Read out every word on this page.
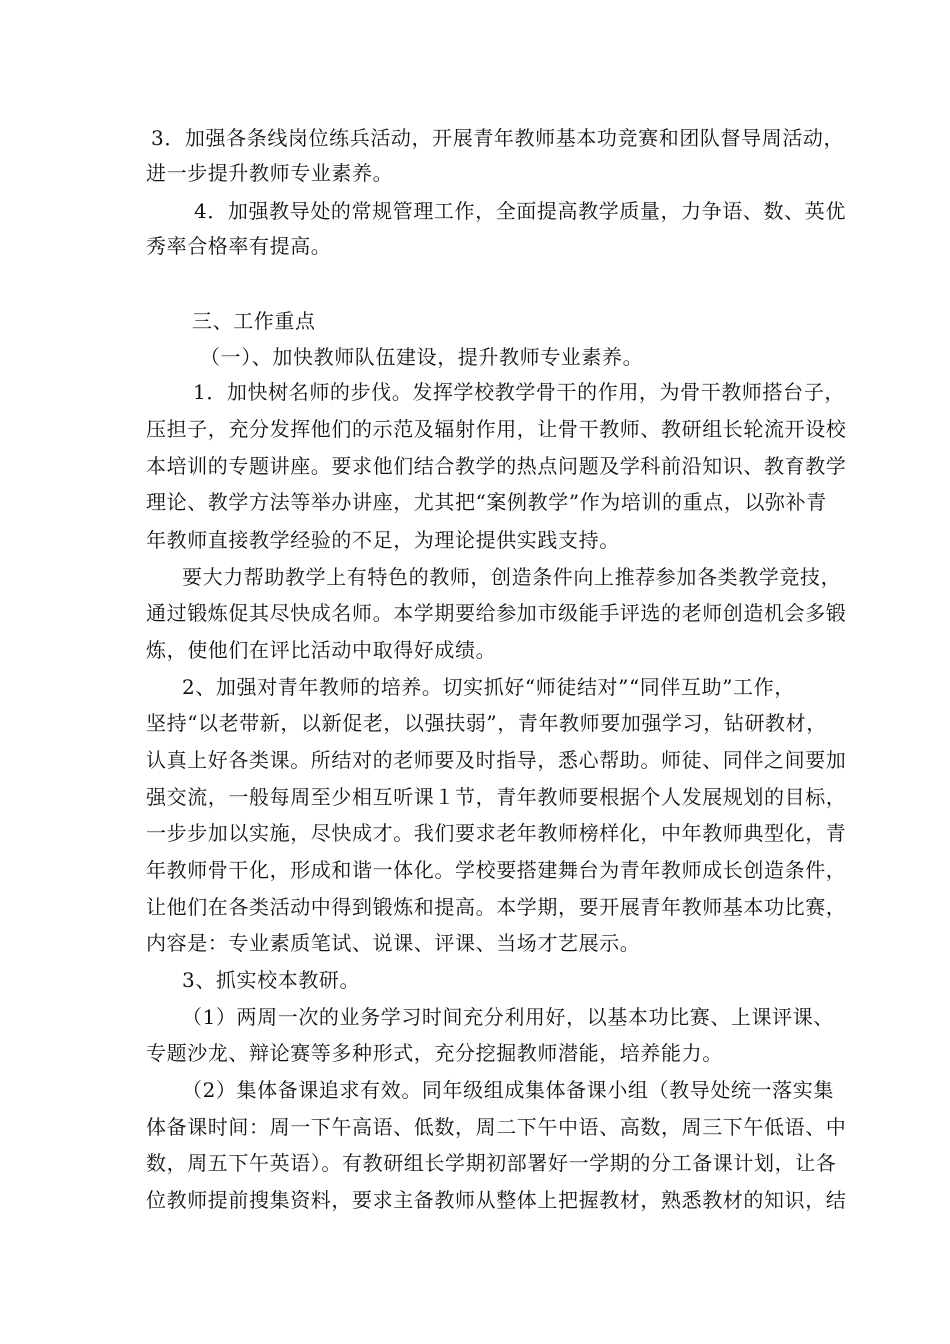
3．加强各条线岗位练兵活动，开展青年教师基本功竞赛和团队督导周活动，
进一步提升教师专业素养。
4．加强教导处的常规管理工作，全面提高教学质量，力争语、数、英优
秀率合格率有提高。
三、工作重点
（一）、加快教师队伍建设，提升教师专业素养。
1．加快树名师的步伐。发挥学校教学骨干的作用，为骨干教师搭台子，
压担子，充分发挥他们的示范及辐射作用，让骨干教师、教研组长轮流开设校
本培训的专题讲座。要求他们结合教学的热点问题及学科前沿知识、教育教学
理论、教学方法等举办讲座，尤其把“案例教学”作为培训的重点，以弥补青
年教师直接教学经验的不足，为理论提供实践支持。
要大力帮助教学上有特色的教师，创造条件向上推荐参加各类教学竞技，
通过锻炼促其尽快成名师。本学期要给参加市级能手评选的老师创造机会多锻
炼，使他们在评比活动中取得好成绩。
2、加强对青年教师的培养。切实抓好“师徒结对”“同伴互助”工作，
坚持“以老带新，以新促老，以强扶弱”，青年教师要加强学习，钻研教材，
认真上好各类课。所结对的老师要及时指导，悉心帮助。师徒、同伴之间要加
强交流，一般每周至少相互听课１节，青年教师要根据个人发展规划的目标，
一步步加以实施，尽快成才。我们要求老年教师榜样化，中年教师典型化，青
年教师骨干化，形成和谐一体化。学校要搭建舞台为青年教师成长创造条件，
让他们在各类活动中得到锻炼和提高。本学期，要开展青年教师基本功比赛，
内容是：专业素质笔试、说课、评课、当场才艺展示。
3、抓实校本教研。
（1）两周一次的业务学习时间充分利用好，以基本功比赛、上课评课、
专题沙龙、辩论赛等多种形式，充分挖掘教师潜能，培养能力。
（2）集体备课追求有效。同年级组成集体备课小组（教导处统一落实集
体备课时间：周一下午高语、低数，周二下午中语、高数，周三下午低语、中
数，周五下午英语）。有教研组长学期初部署好一学期的分工备课计划，让各
位教师提前搜集资料，要求主备教师从整体上把握教材，熟悉教材的知识，结
